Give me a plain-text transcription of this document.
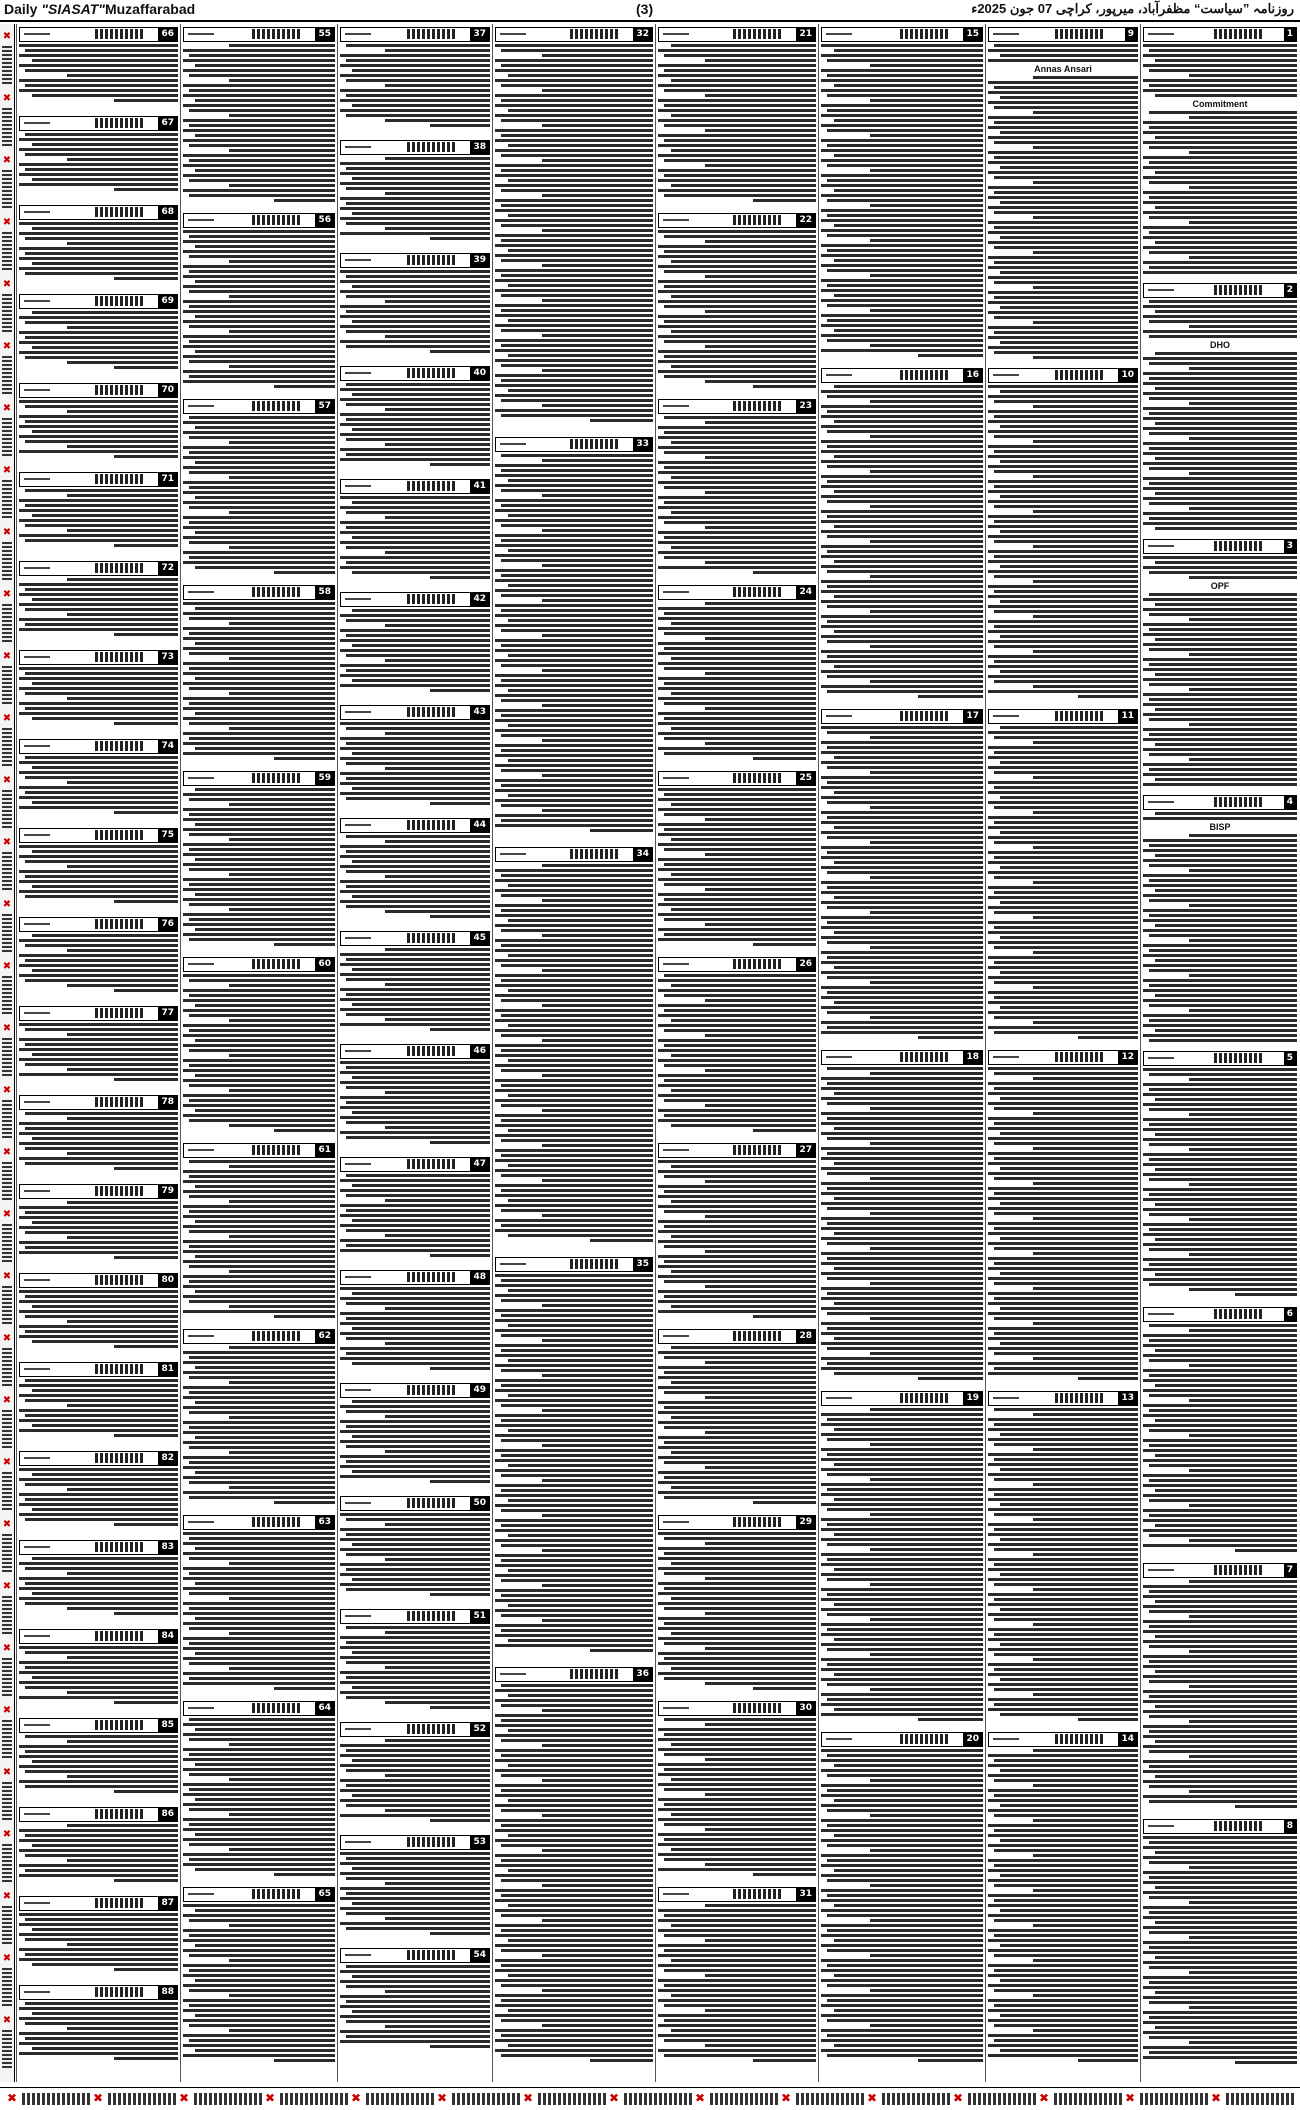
Daily "SIASAT"Muzaffarabad	(3)	روزنامہ ”سیاست“ مظفرآباد، میرپور، کراچی 07 جون 2025ء
✖
✖
✖
✖
✖
✖
✖
✖
✖
✖
✖
✖
✖
✖
✖
✖
✖
✖
✖
✖
✖
✖
✖
✖
✖
✖
✖
✖
✖
✖
✖
✖
✖
1
Commitment
2
DHO
3
OPF
4
BISP
5
6
7
8
9
Annas Ansari
10
11
12
13
14
15
16
17
18
19
20
21
22
23
24
25
26
27
28
29
30
31
32
33
34
35
36
37
38
39
40
41
42
43
44
45
46
47
48
49
50
51
52
53
54
55
56
57
58
59
60
61
62
63
64
65
66
67
68
69
70
71
72
73
74
75
76
77
78
79
80
81
82
83
84
85
86
87
88
✖	✖	✖	✖	✖	✖	✖	✖	✖	✖	✖	✖	✖	✖	✖
